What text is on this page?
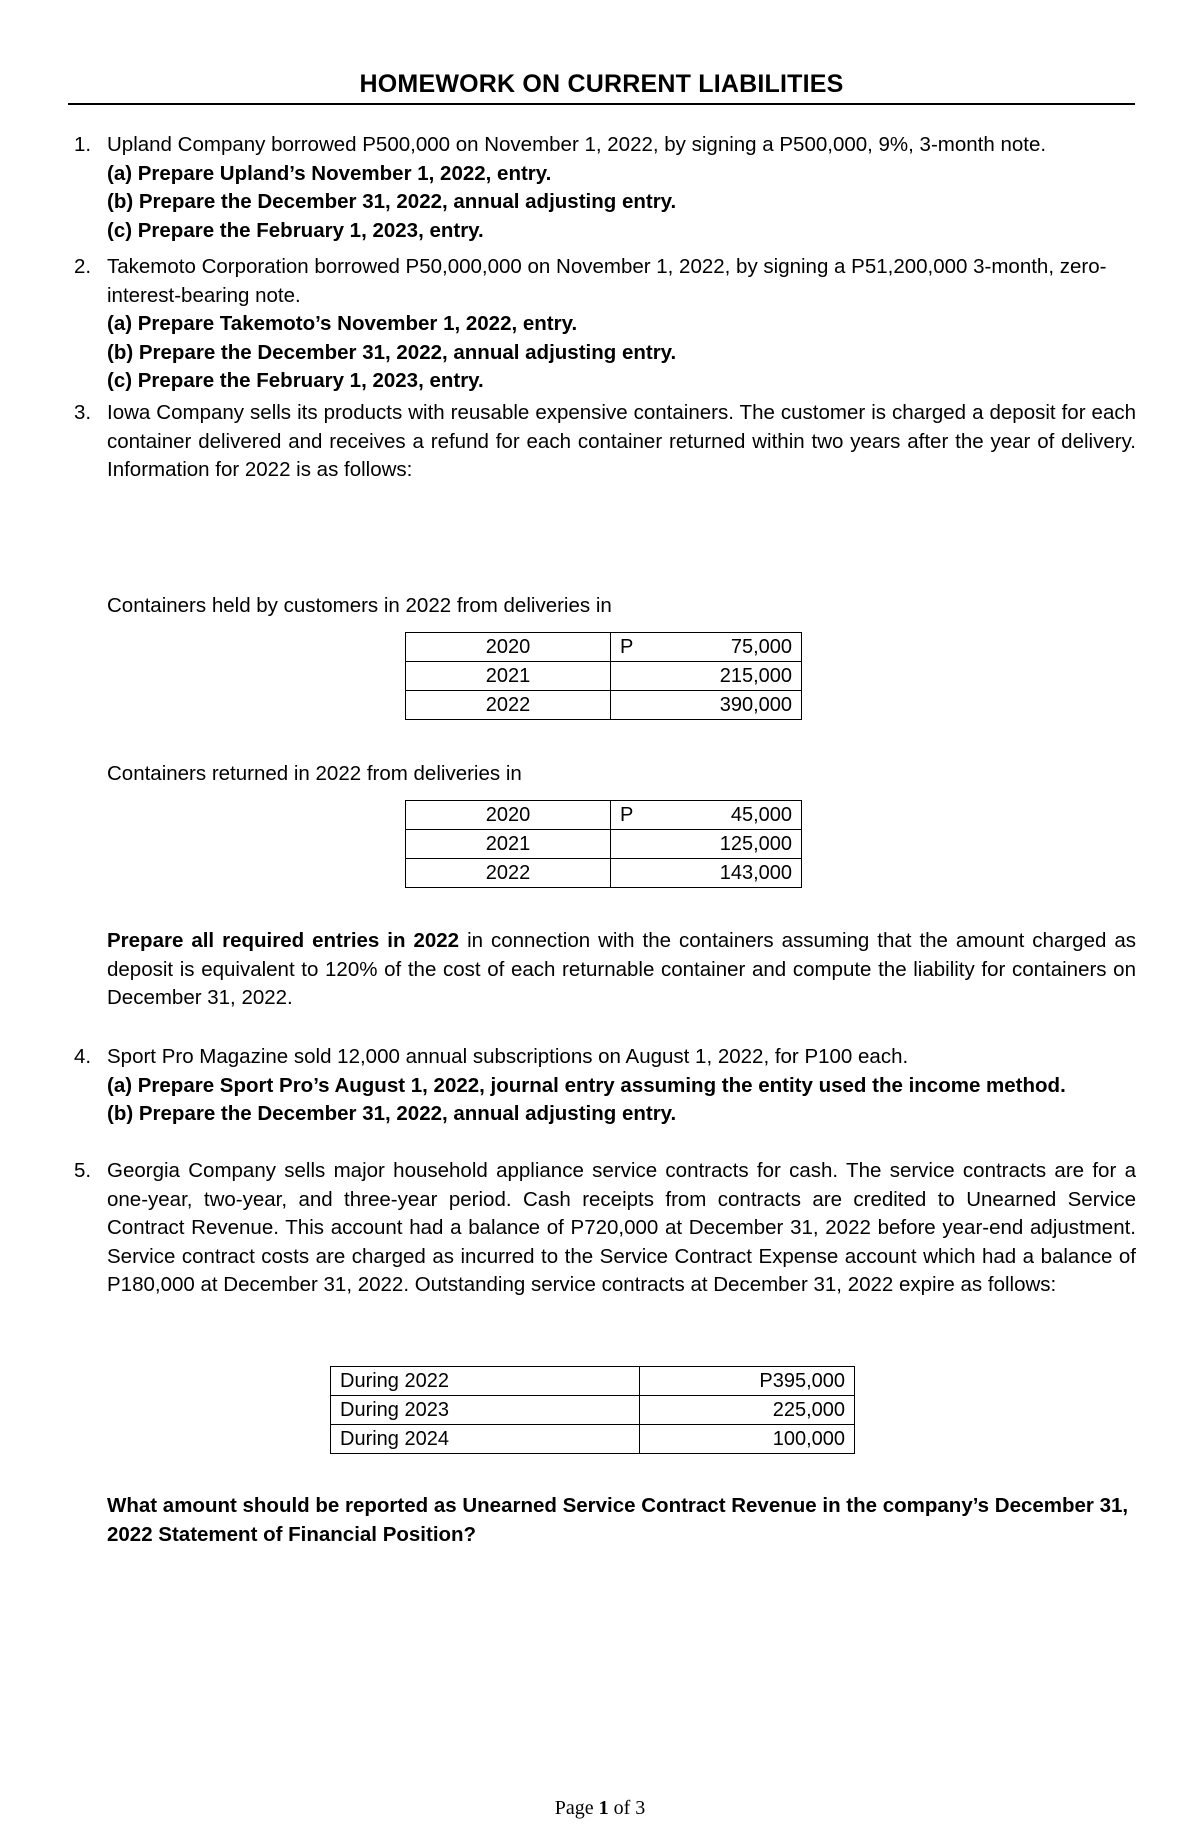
HOMEWORK ON CURRENT LIABILITIES
1. Upland Company borrowed P500,000 on November 1, 2022, by signing a P500,000, 9%, 3-month note.
(a) Prepare Upland’s November 1, 2022, entry.
(b) Prepare the December 31, 2022, annual adjusting entry.
(c) Prepare the February 1, 2023, entry.
2. Takemoto Corporation borrowed P50,000,000 on November 1, 2022, by signing a P51,200,000 3-month, zero-interest-bearing note.
(a) Prepare Takemoto’s November 1, 2022, entry.
(b) Prepare the December 31, 2022, annual adjusting entry.
(c) Prepare the February 1, 2023, entry.
3. Iowa Company sells its products with reusable expensive containers. The customer is charged a deposit for each container delivered and receives a refund for each container returned within two years after the year of delivery. Information for 2022 is as follows:
Containers held by customers in 2022 from deliveries in
2020	P 75,000
2021	215,000
2022	390,000
Containers returned in 2022 from deliveries in
2020	P 45,000
2021	125,000
2022	143,000
Prepare all required entries in 2022 in connection with the containers assuming that the amount charged as deposit is equivalent to 120% of the cost of each returnable container and compute the liability for containers on December 31, 2022.
4. Sport Pro Magazine sold 12,000 annual subscriptions on August 1, 2022, for P100 each.
(a) Prepare Sport Pro’s August 1, 2022, journal entry assuming the entity used the income method.
(b) Prepare the December 31, 2022, annual adjusting entry.
5. Georgia Company sells major household appliance service contracts for cash. The service contracts are for a one-year, two-year, and three-year period. Cash receipts from contracts are credited to Unearned Service Contract Revenue. This account had a balance of P720,000 at December 31, 2022 before year-end adjustment. Service contract costs are charged as incurred to the Service Contract Expense account which had a balance of P180,000 at December 31, 2022. Outstanding service contracts at December 31, 2022 expire as follows:
During 2022	P395,000
During 2023	225,000
During 2024	100,000
What amount should be reported as Unearned Service Contract Revenue in the company’s December 31, 2022 Statement of Financial Position?
Page 1 of 3
